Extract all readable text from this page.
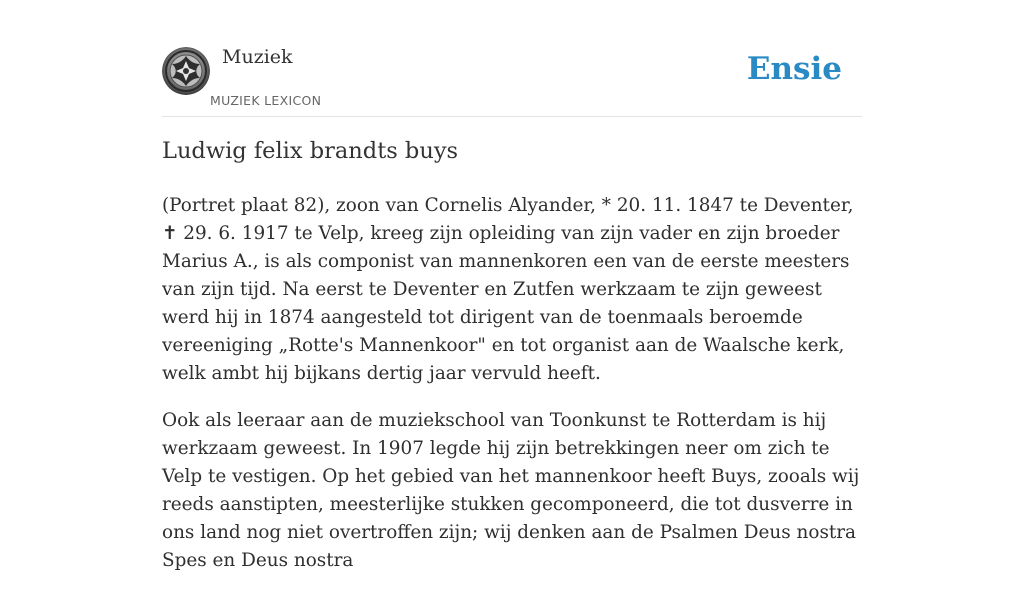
Muziek
MUZIEK LEXICON
Ensie
Ludwig felix brandts buys

(Portret plaat 82), zoon van Cornelis Alyander, * 20. 11. 1847 te Deventer, ✝ 29. 6. 1917 te Velp, kreeg zijn opleiding van zijn vader en zijn broeder Marius A., is als componist van mannenkoren een van de eerste meesters van zijn tijd. Na eerst te Deventer en Zutfen werkzaam te zijn geweest werd hij in 1874 aangesteld tot dirigent van de toenmaals beroemde vereeniging „Rotte's Mannenkoor" en tot organist aan de Waalsche kerk, welk ambt hij bijkans dertig jaar vervuld heeft.

Ook als leeraar aan de muziekschool van Toonkunst te Rotterdam is hij werkzaam geweest. In 1907 legde hij zijn betrekkingen neer om zich te Velp te vestigen. Op het gebied van het mannenkoor heeft Buys, zooals wij reeds aanstipten, meesterlijke stukken gecomponeerd, die tot dusverre in ons land nog niet overtroffen zijn; wij denken aan de Psalmen Deus nostra Spes en Deus nostra
